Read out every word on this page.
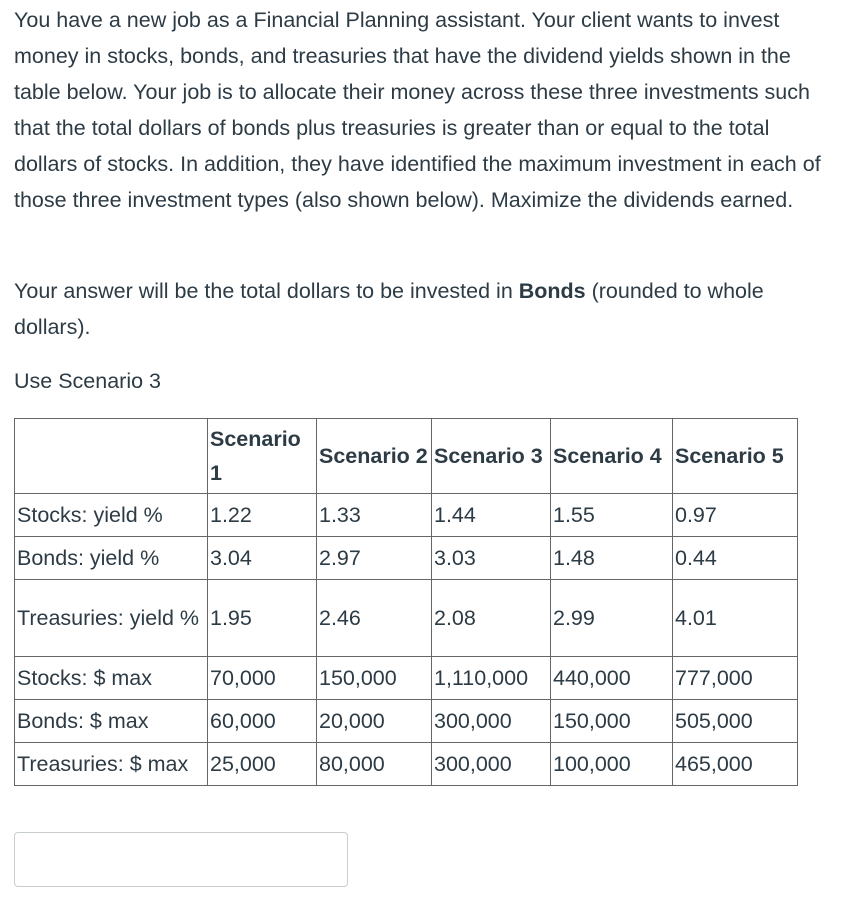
You have a new job as a Financial Planning assistant. Your client wants to invest money in stocks, bonds, and treasuries that have the dividend yields shown in the table below. Your job is to allocate their money across these three investments such that the total dollars of bonds plus treasuries is greater than or equal to the total dollars of stocks. In addition, they have identified the maximum investment in each of those three investment types (also shown below). Maximize the dividends earned.

Your answer will be the total dollars to be invested in Bonds (rounded to whole dollars).

Use Scenario 3

	Scenario 1	Scenario 2	Scenario 3	Scenario 4	Scenario 5
Stocks: yield %	1.22	1.33	1.44	1.55	0.97
Bonds: yield %	3.04	2.97	3.03	1.48	0.44
Treasuries: yield %	1.95	2.46	2.08	2.99	4.01
Stocks: $ max	70,000	150,000	1,110,000	440,000	777,000
Bonds: $ max	60,000	20,000	300,000	150,000	505,000
Treasuries: $ max	25,000	80,000	300,000	100,000	465,000
